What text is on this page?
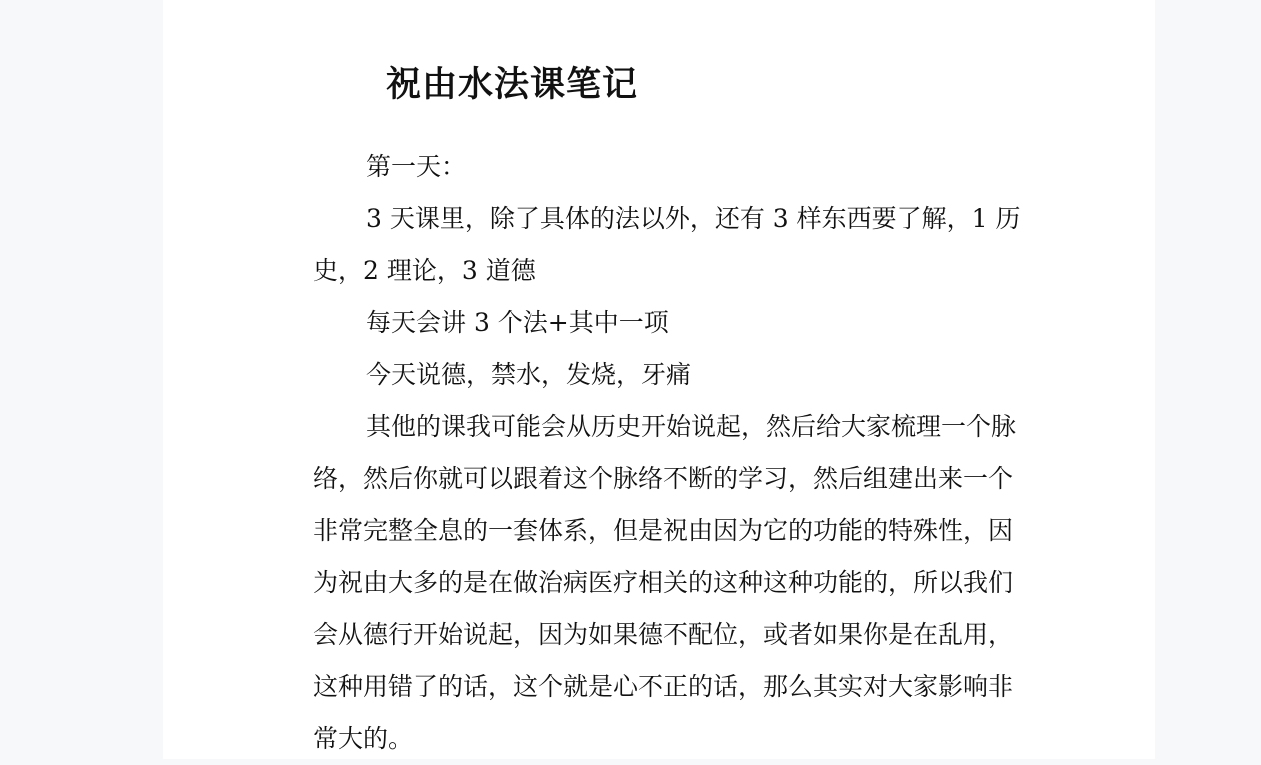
祝由水法课笔记

第一天：

3 天课里，除了具体的法以外，还有 3 样东西要了解，1 历史，2 理论，3 道德

每天会讲 3 个法+其中一项

今天说德，禁水，发烧，牙痛

其他的课我可能会从历史开始说起，然后给大家梳理一个脉络，然后你就可以跟着这个脉络不断的学习，然后组建出来一个非常完整全息的一套体系，但是祝由因为它的功能的特殊性，因为祝由大多的是在做治病医疗相关的这种这种功能的，所以我们会从德行开始说起，因为如果德不配位，或者如果你是在乱用，这种用错了的话，这个就是心不正的话，那么其实对大家影响非常大的。
